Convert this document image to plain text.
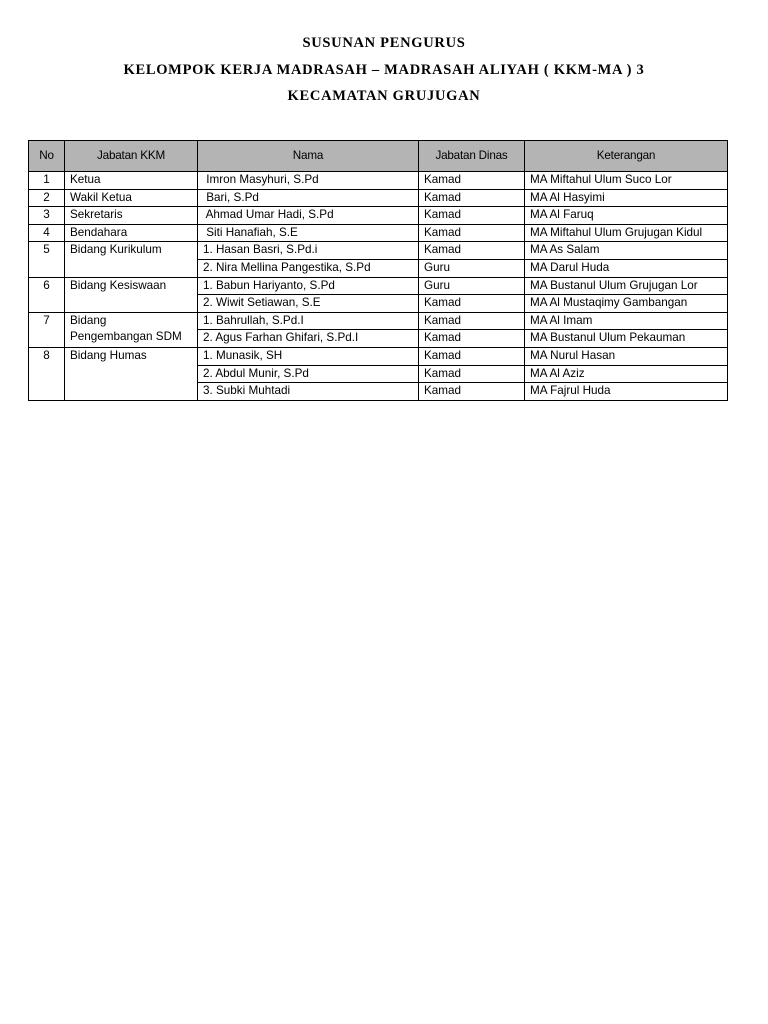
SUSUNAN PENGURUS
KELOMPOK KERJA MADRASAH – MADRASAH ALIYAH ( KKM-MA ) 3
KECAMATAN GRUJUGAN
No	Jabatan KKM	Nama	Jabatan Dinas	Keterangan
1	Ketua	Imron Masyhuri, S.Pd	Kamad	MA Miftahul Ulum Suco Lor
2	Wakil Ketua	Bari, S.Pd	Kamad	MA Al Hasyimi
3	Sekretaris	Ahmad Umar Hadi, S.Pd	Kamad	MA Al Faruq
4	Bendahara	Siti Hanafiah, S.E	Kamad	MA Miftahul Ulum Grujugan Kidul
5	Bidang Kurikulum	1. Hasan Basri, S.Pd.i	Kamad	MA As Salam
		2. Nira Mellina Pangestika, S.Pd	Guru	MA Darul Huda
6	Bidang Kesiswaan	1. Babun Hariyanto, S.Pd	Guru	MA Bustanul Ulum Grujugan Lor
		2. Wiwit Setiawan, S.E	Kamad	MA Al Mustaqimy Gambangan
7	Bidang
Pengembangan SDM	1. Bahrullah, S.Pd.I	Kamad	MA Al Imam
		2. Agus Farhan Ghifari, S.Pd.I	Kamad	MA Bustanul Ulum Pekauman
8	Bidang Humas	1. Munasik, SH	Kamad	MA Nurul Hasan
		2. Abdul Munir, S.Pd	Kamad	MA Al Aziz
		3. Subki Muhtadi	Kamad	MA Fajrul Huda
